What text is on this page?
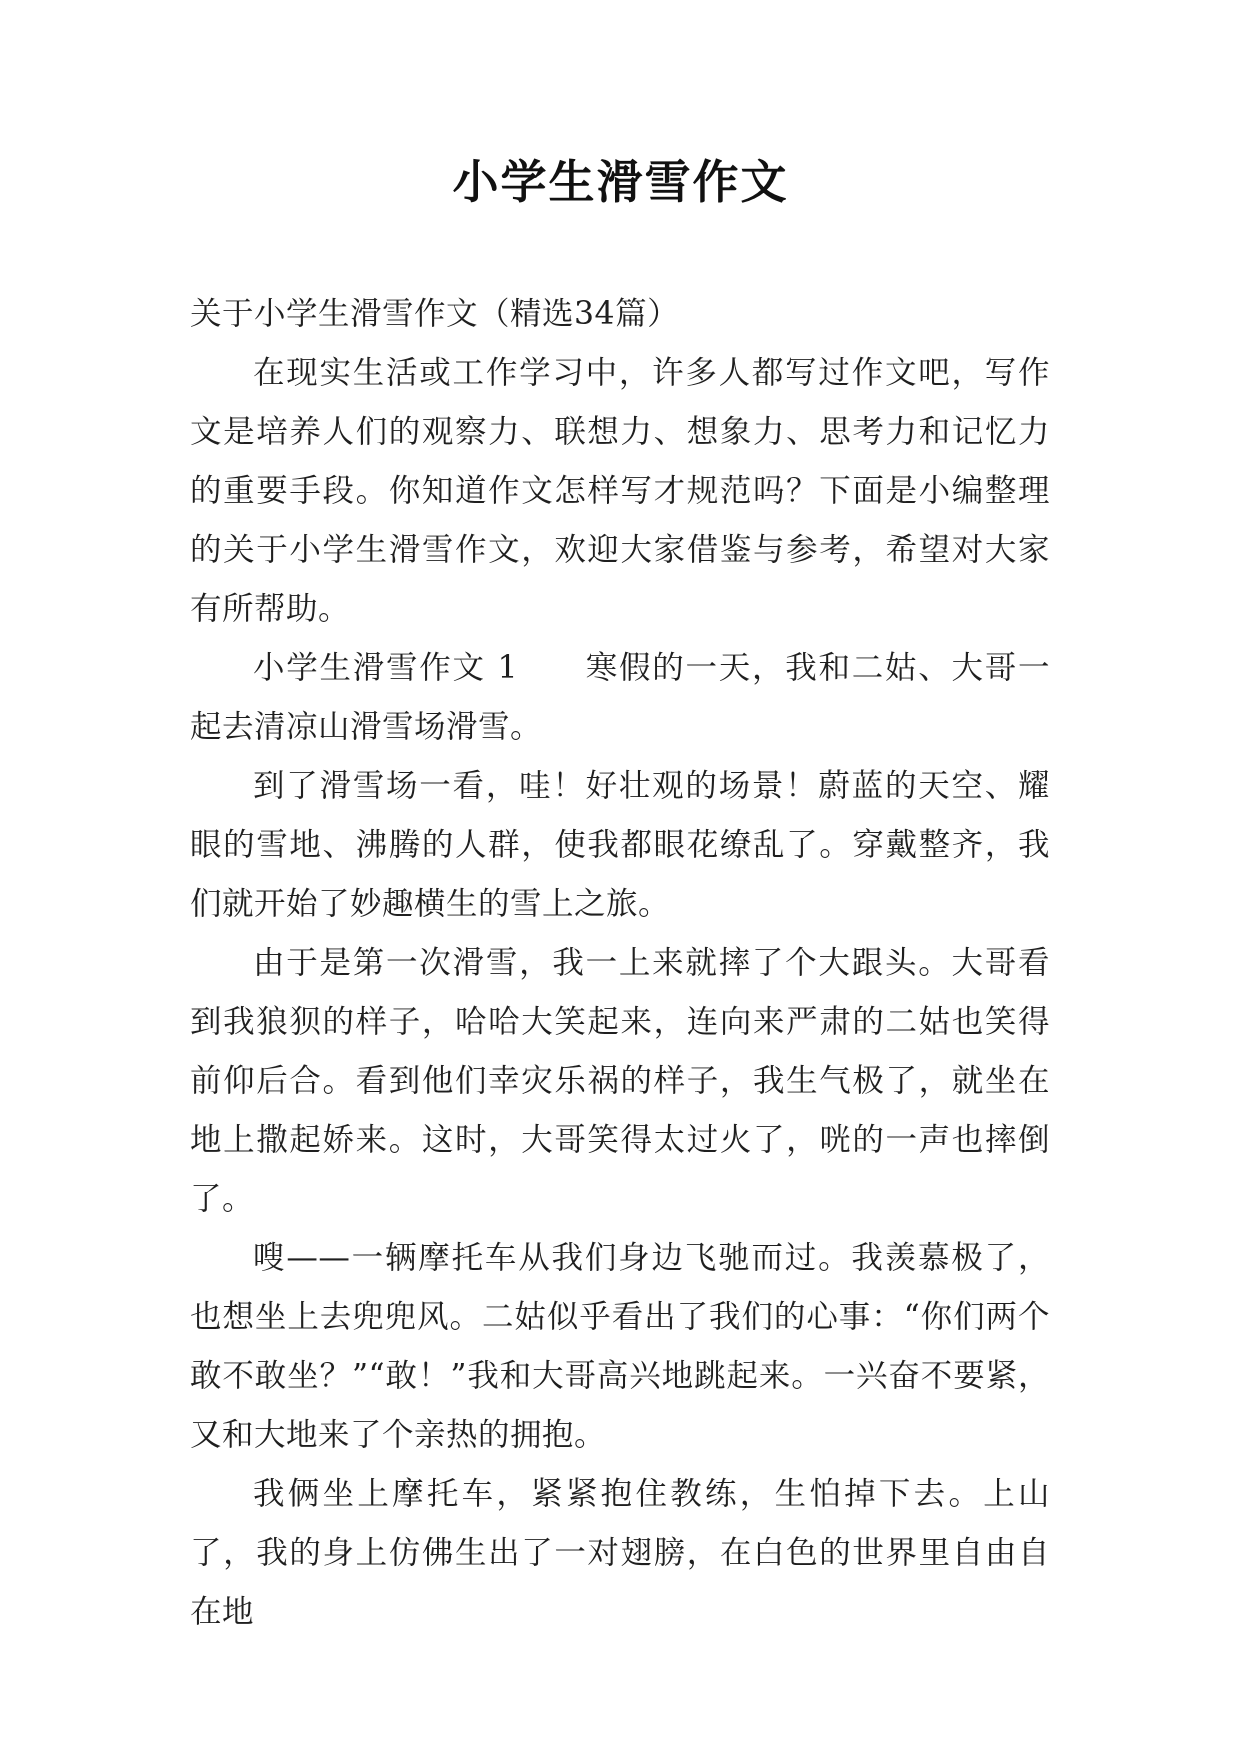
小学生滑雪作文

关于小学生滑雪作文（精选34篇）

在现实生活或工作学习中，许多人都写过作文吧，写作文是培养人们的观察力、联想力、想象力、思考力和记忆力的重要手段。你知道作文怎样写才规范吗？下面是小编整理的关于小学生滑雪作文，欢迎大家借鉴与参考，希望对大家有所帮助。

小学生滑雪作文 1　　寒假的一天，我和二姑、大哥一起去清凉山滑雪场滑雪。

到了滑雪场一看，哇！好壮观的场景！蔚蓝的天空、耀眼的雪地、沸腾的人群，使我都眼花缭乱了。穿戴整齐，我们就开始了妙趣横生的雪上之旅。

由于是第一次滑雪，我一上来就摔了个大跟头。大哥看到我狼狈的样子，哈哈大笑起来，连向来严肃的二姑也笑得前仰后合。看到他们幸灾乐祸的样子，我生气极了，就坐在地上撒起娇来。这时，大哥笑得太过火了，咣的一声也摔倒了。

嗖——一辆摩托车从我们身边飞驰而过。我羡慕极了，也想坐上去兜兜风。二姑似乎看出了我们的心事：“你们两个敢不敢坐？”“敢！”我和大哥高兴地跳起来。一兴奋不要紧，又和大地来了个亲热的拥抱。

我俩坐上摩托车，紧紧抱住教练，生怕掉下去。上山了，我的身上仿佛生出了一对翅膀，在白色的世界里自由自在地
